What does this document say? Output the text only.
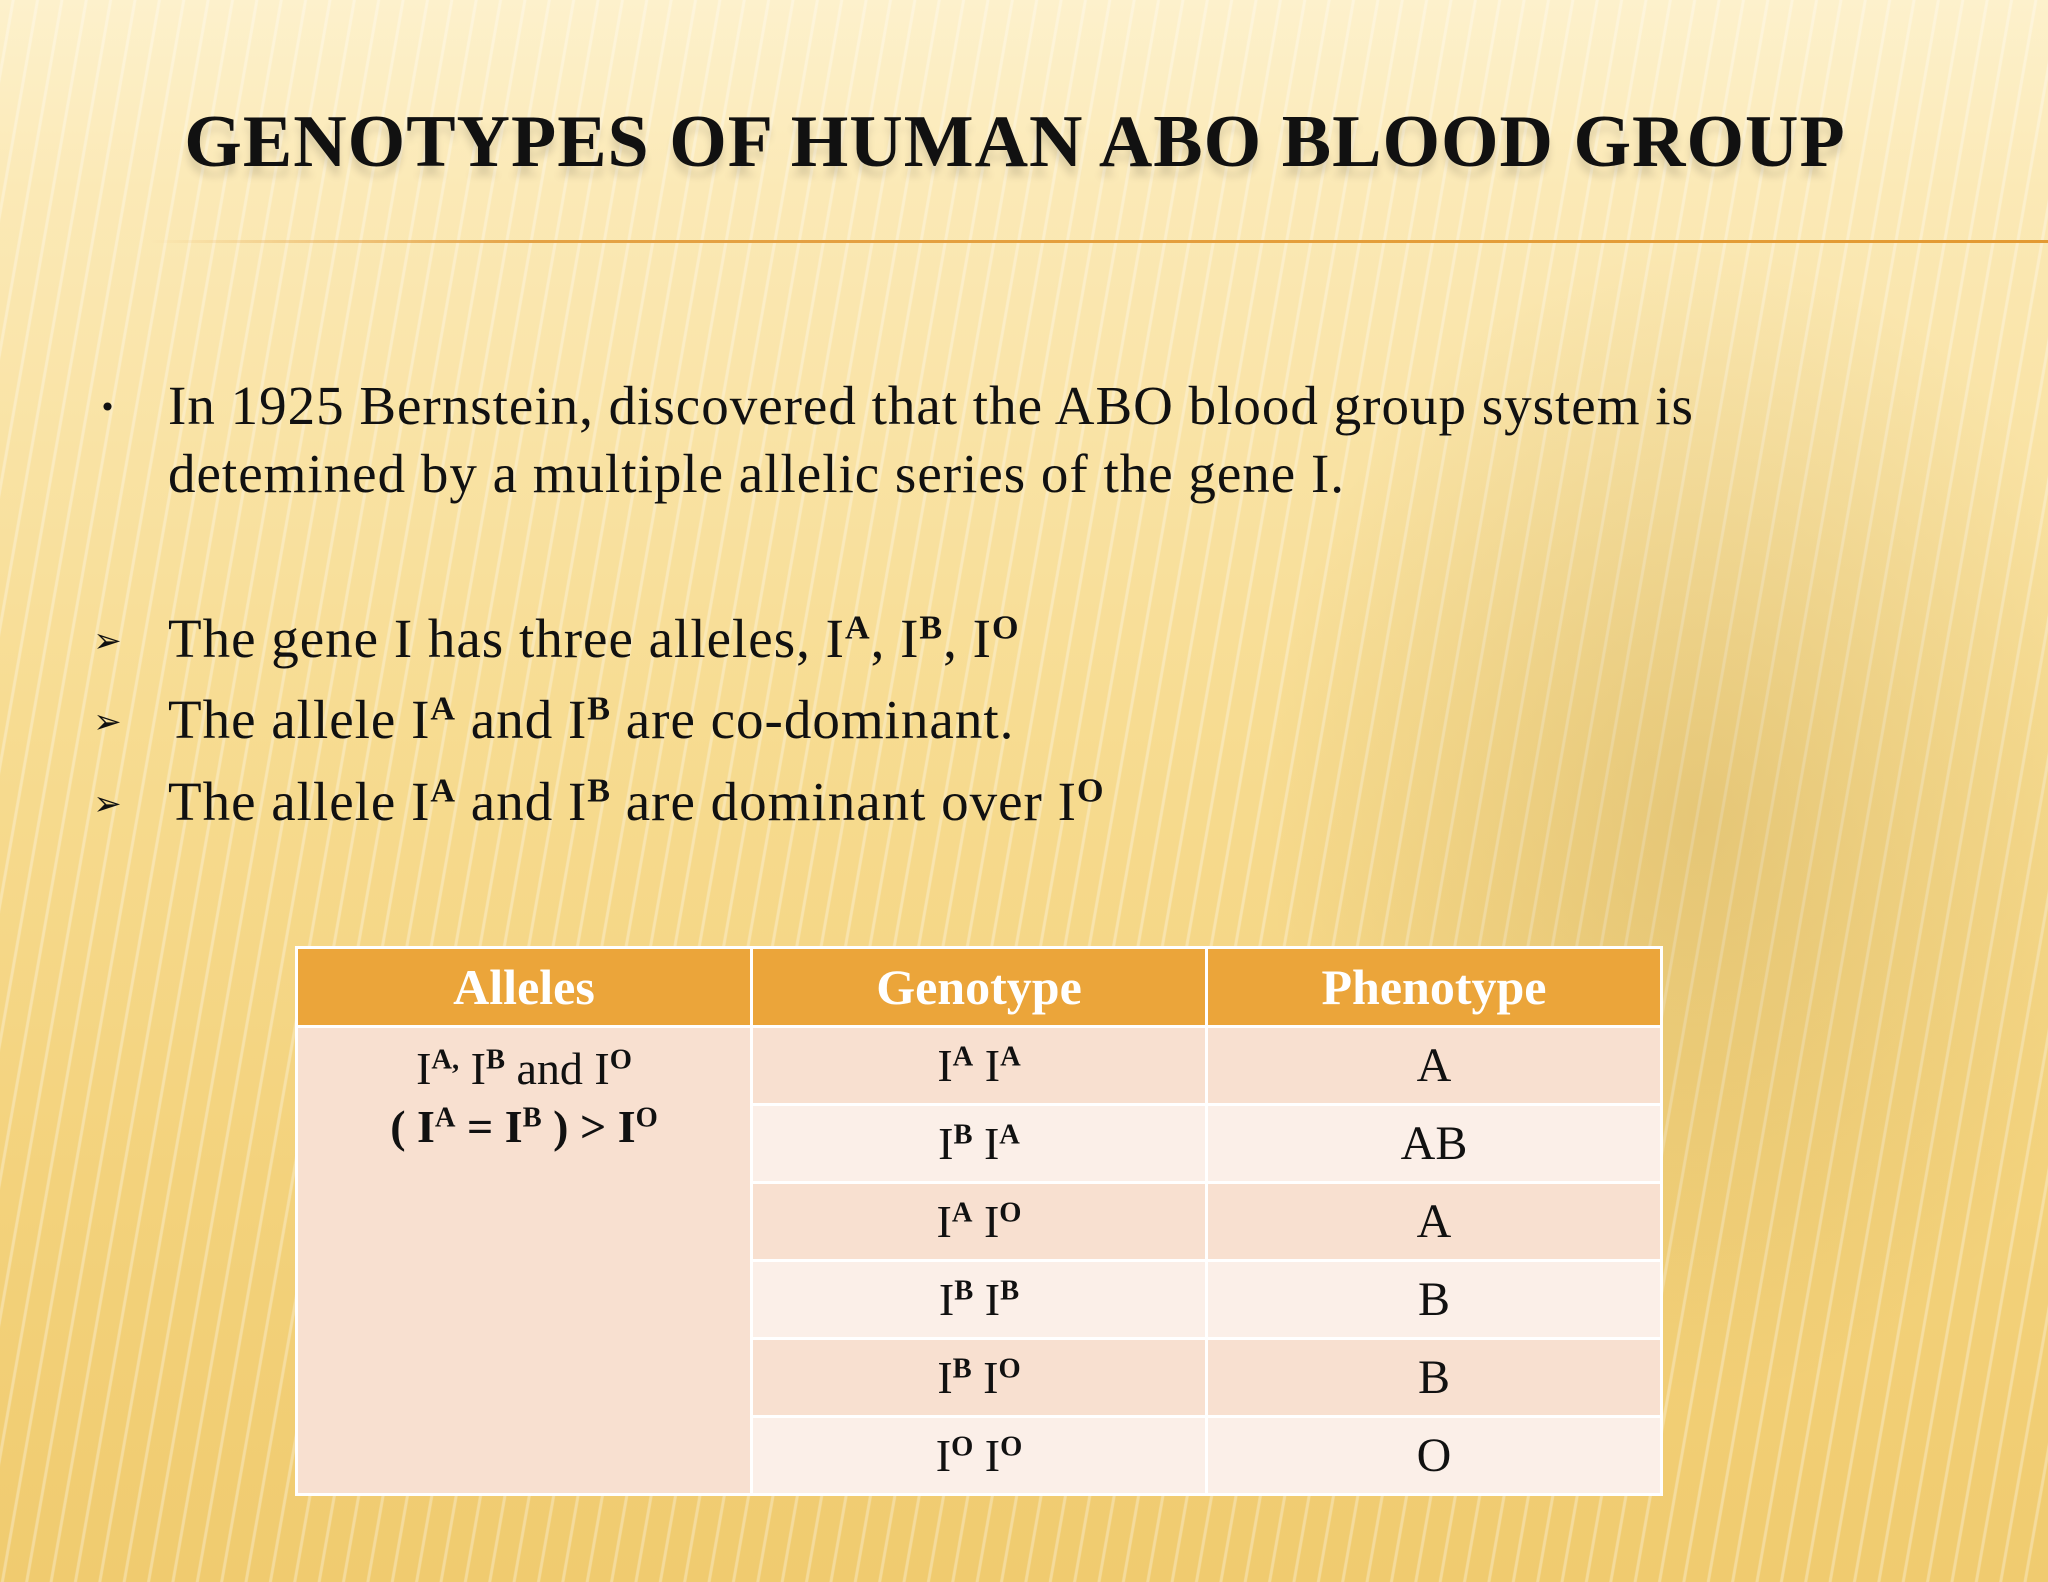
GENOTYPES OF HUMAN ABO BLOOD GROUP
• In 1925 Bernstein, discovered that the ABO blood group system is
detemined by a multiple allelic series of the gene I.
➢ The gene I has three alleles, $I^A$, $I^B$, $I^O$
➢ The allele $I^A$ and $I^B$ are co-dominant.
➢ The allele $I^A$ and $I^B$ are dominant over $I^O$
Alleles	Genotype	Phenotype

$I^{A,}$ $I^B$ and $I^O$
( $I^A = I^B$ ) > $I^O$	$I^A$ $I^A$	A
	$I^B$ $I^A$	AB
	$I^A$ $I^O$	A
	$I^B$ $I^B$	B
	$I^B$ $I^O$	B
	$I^O$ $I^O$	O
